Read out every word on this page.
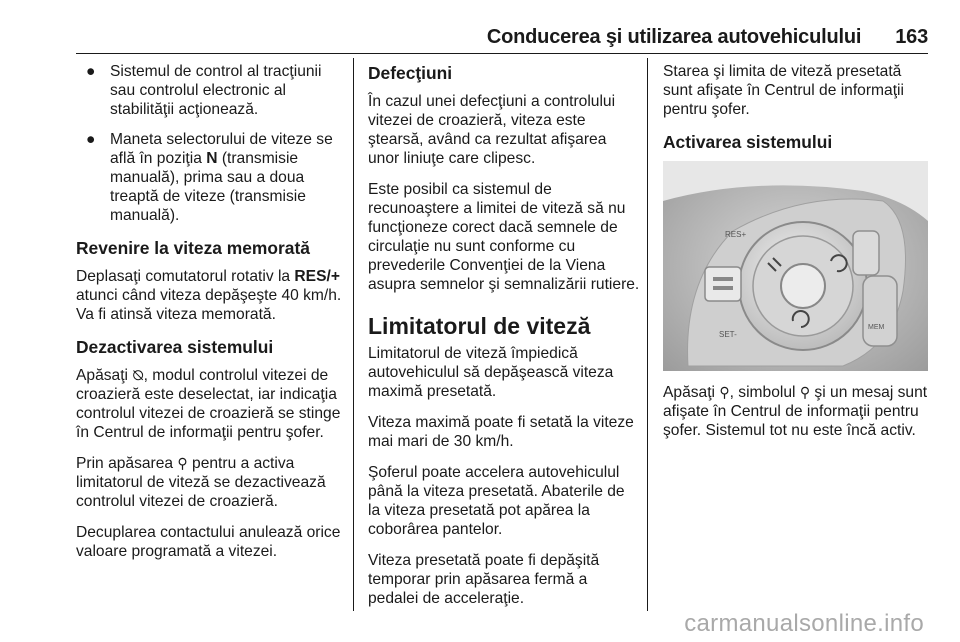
Conducerea şi utilizarea autovehiculului 163
● Sistemul de control al tracţiunii sau controlul electronic al stabilităţii acţionează.
● Maneta selectorului de viteze se află în poziţia N (transmisie manuală), prima sau a doua treaptă de viteze (transmisie manuală).
Revenire la viteza memorată

Deplasaţi comutatorul rotativ la RES/+ atunci când viteza depăşeşte 40 km/h. Va fi atinsă viteza memorată.

Dezactivarea sistemului

Apăsaţi ⦰, modul controlul vitezei de croazieră este deselectat, iar indicaţia controlul vitezei de croazieră se stinge în Centrul de informaţii pentru şofer.

Prin apăsarea ⚲ pentru a activa limitatorul de viteză se dezactivează controlul vitezei de croazieră.

Decuplarea contactului anulează orice valoare programată a vitezei.

Defecţiuni

În cazul unei defecţiuni a controlului vitezei de croazieră, viteza este ştearsă, având ca rezultat afişarea unor liniuţe care clipesc.

Este posibil ca sistemul de recunoaştere a limitei de viteză să nu funcţioneze corect dacă semnele de circulaţie nu sunt conforme cu prevederile Convenţiei de la Viena asupra semnelor şi semnalizării rutiere.

Limitatorul de viteză

Limitatorul de viteză împiedică autovehiculul să depăşească viteza maximă presetată.

Viteza maximă poate fi setată la viteze mai mari de 30 km/h.

Şoferul poate accelera autovehiculul până la viteza presetată. Abaterile de la viteza presetată pot apărea la coborârea pantelor.

Viteza presetată poate fi depăşită temporar prin apăsarea fermă a pedalei de acceleraţie.

Starea şi limita de viteză presetată sunt afişate în Centrul de informaţii pentru şofer.

Activarea sistemului
RES+
SET-
MEM

Apăsaţi ⚲, simbolul ⚲ şi un mesaj sunt afişate în Centrul de informaţii pentru şofer. Sistemul tot nu este încă activ.

carmanualsonline.info
